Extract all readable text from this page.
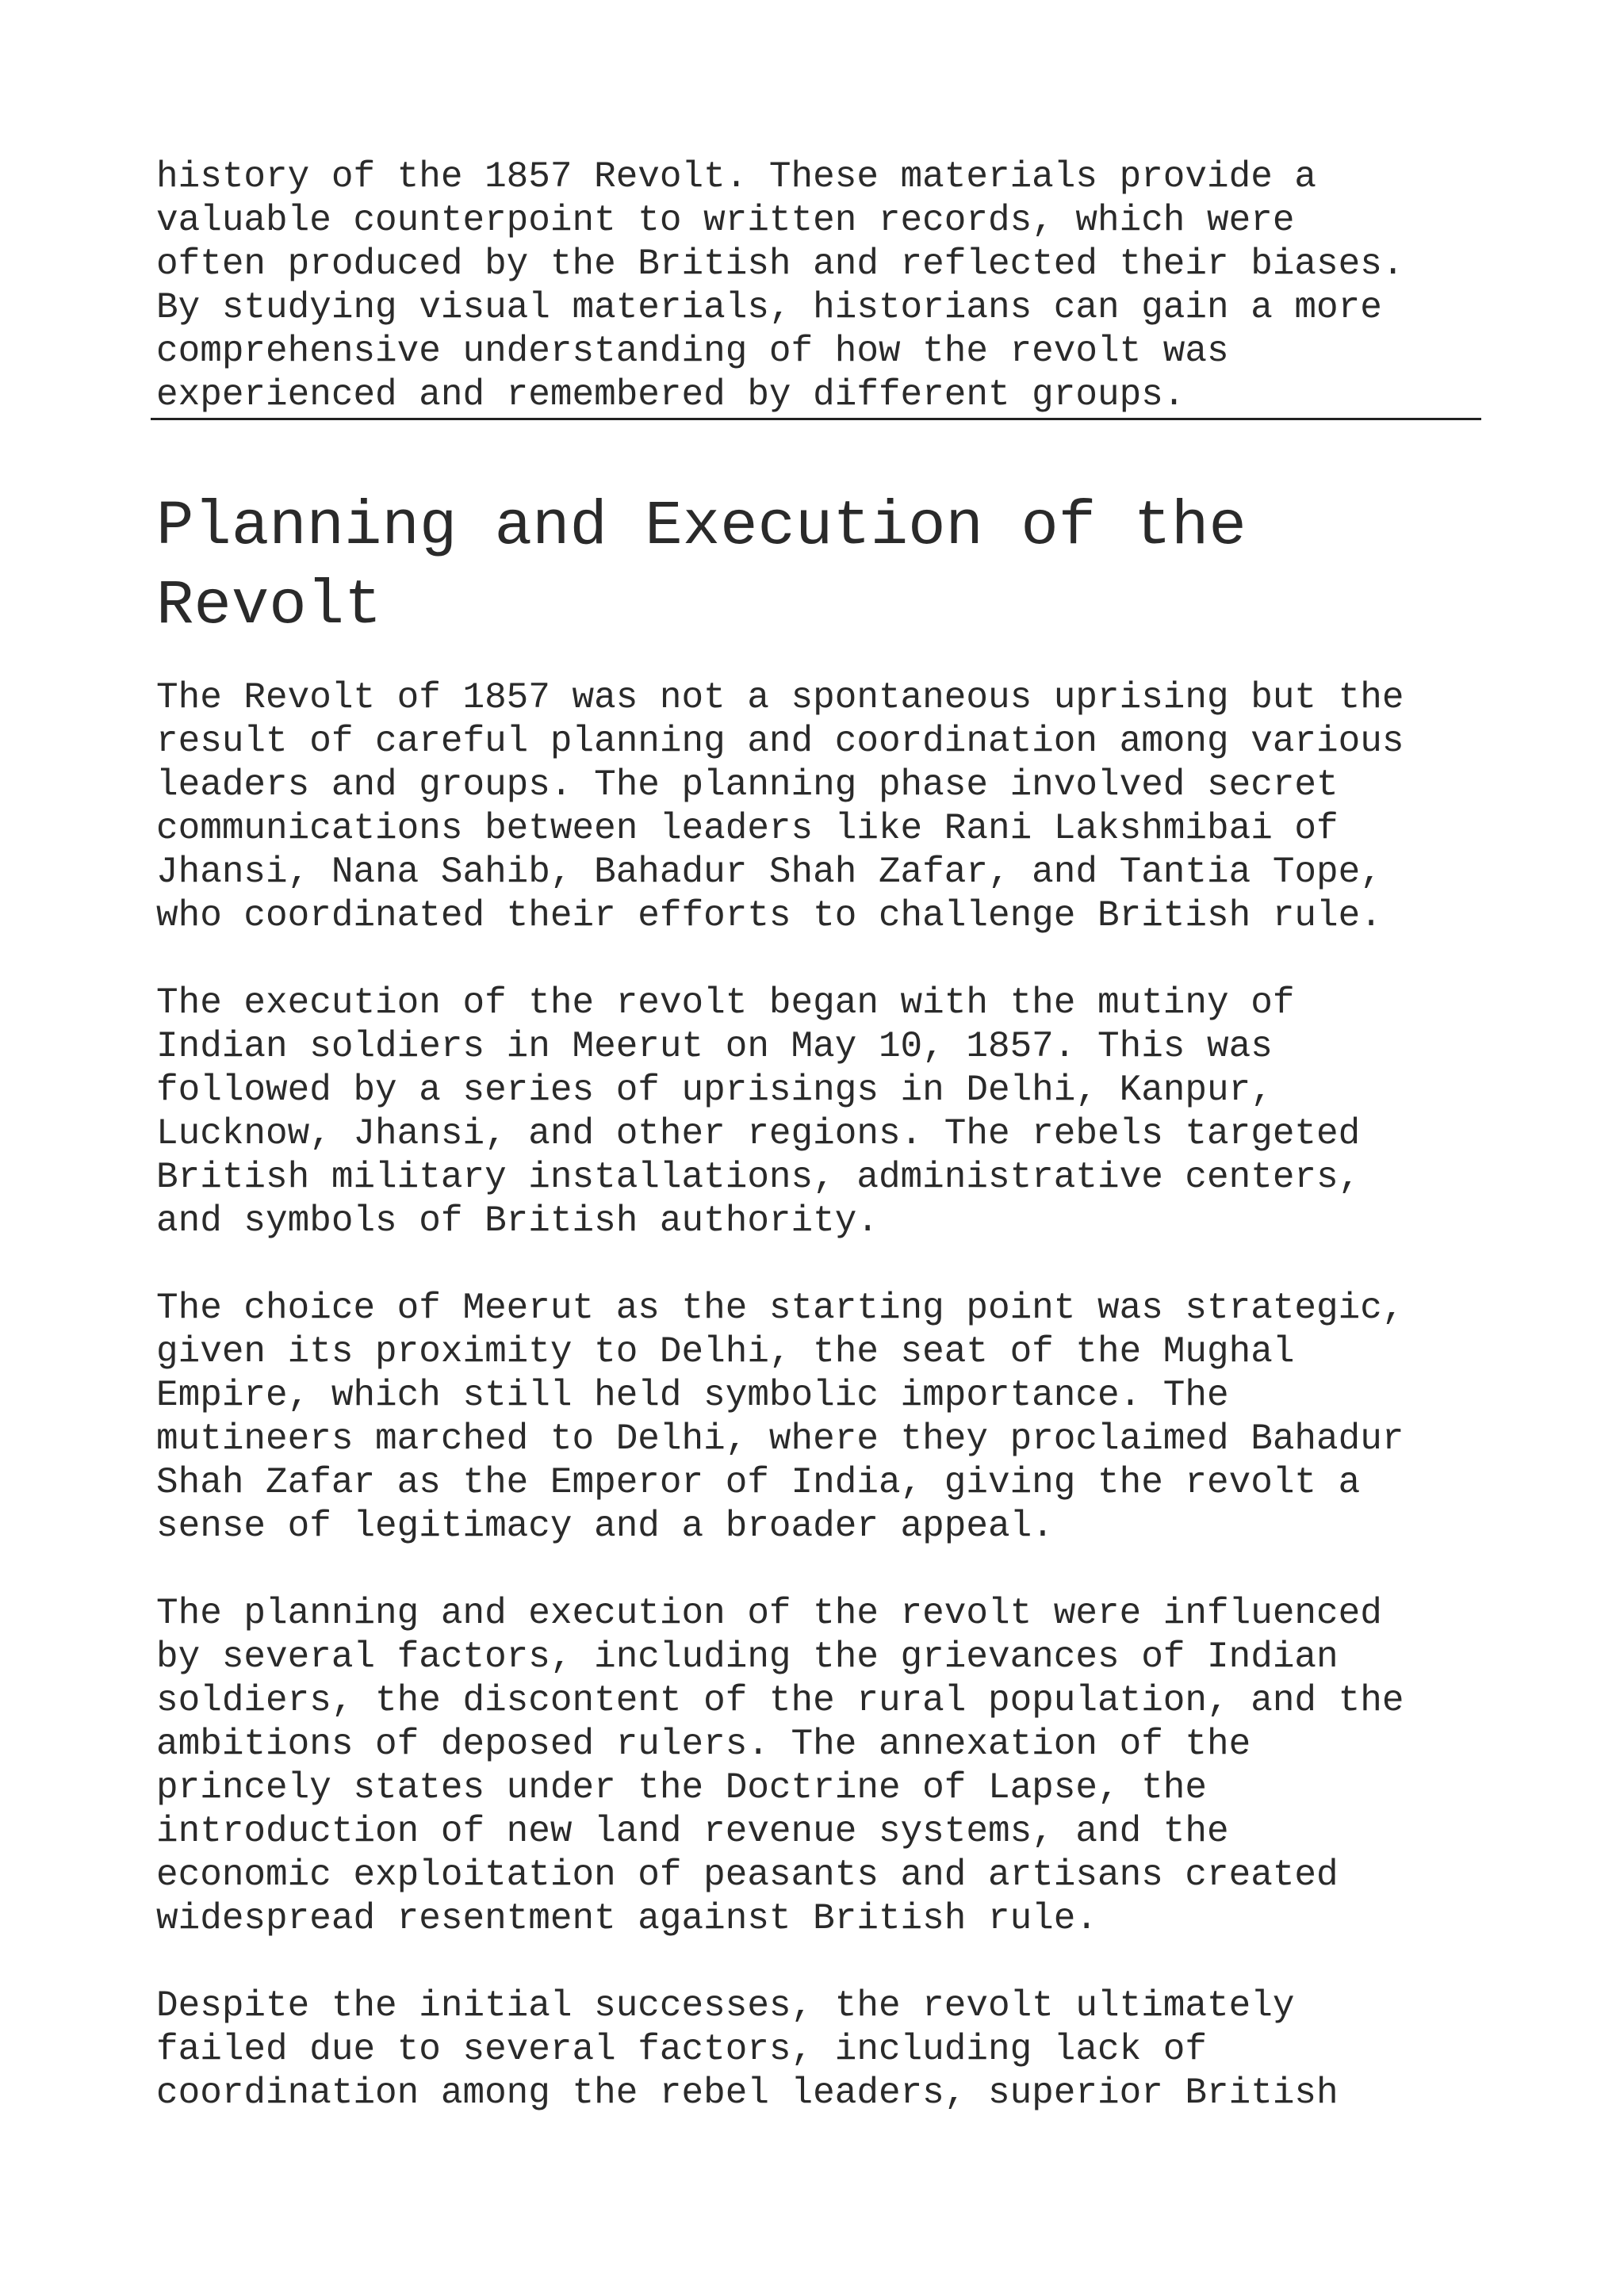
history of the 1857 Revolt. These materials provide a

valuable counterpoint to written records, which were

often produced by the British and reflected their biases.

By studying visual materials, historians can gain a more

comprehensive understanding of how the revolt was

experienced and remembered by different groups.

Planning and Execution of the
Revolt

The Revolt of 1857 was not a spontaneous uprising but the

result of careful planning and coordination among various

leaders and groups. The planning phase involved secret

communications between leaders like Rani Lakshmibai of

Jhansi, Nana Sahib, Bahadur Shah Zafar, and Tantia Tope,

who coordinated their efforts to challenge British rule.

The execution of the revolt began with the mutiny of

Indian soldiers in Meerut on May 10, 1857. This was

followed by a series of uprisings in Delhi, Kanpur,

Lucknow, Jhansi, and other regions. The rebels targeted

British military installations, administrative centers,

and symbols of British authority.

The choice of Meerut as the starting point was strategic,

given its proximity to Delhi, the seat of the Mughal

Empire, which still held symbolic importance. The

mutineers marched to Delhi, where they proclaimed Bahadur

Shah Zafar as the Emperor of India, giving the revolt a

sense of legitimacy and a broader appeal.

The planning and execution of the revolt were influenced

by several factors, including the grievances of Indian

soldiers, the discontent of the rural population, and the

ambitions of deposed rulers. The annexation of the

princely states under the Doctrine of Lapse, the

introduction of new land revenue systems, and the

economic exploitation of peasants and artisans created

widespread resentment against British rule.

Despite the initial successes, the revolt ultimately

failed due to several factors, including lack of

coordination among the rebel leaders, superior British
